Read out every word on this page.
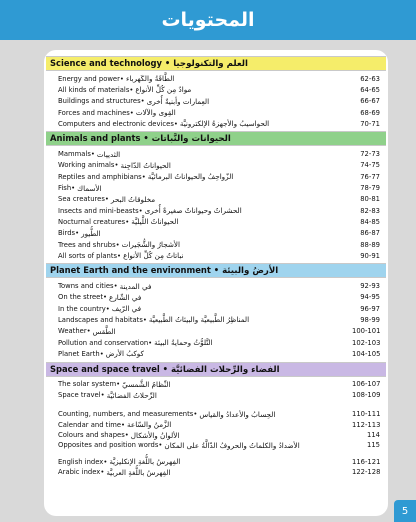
المحتويات
Science and technology • العلم والتكنولوجيا
Energy and power • الطَّاقَةُ والكَهرباء	62-63
All kinds of materials • موادٌ مِن كُلِّ الأنواع	64-65
Buildings and structures • العِمارات وأبنيةٌ أُخرى	66-67
Forces and machines • القِوى والآلات	68-69
Computers and electronic devices • الحواسيبُ والأجهزةُ الإلكترونيَّة	70-71
Animals and plants • الحيوانات والنَّباتات
Mammals • الثدييات	72-73
Working animals • الحيواناتُ الدّاجِنة	74-75
Reptiles and amphibians • الزّواحِفُ والحيواناتُ البرمائيَّة	76-77
Fish • الأسماك	78-79
Sea creatures • مخلوقاتُ البحر	80-81
Insects and mini-beasts • الحشراتُ وحيواناتٌ صغيرةٌ أُخرى	82-83
Nocturnal creatures • الحيواناتُ اللَّيليَّة	84-85
Birds • الطُّيور	86-87
Trees and shrubs • الأشجارُ والشُّجَيرات	88-89
All sorts of plants • نباتاتٌ مِن كُلِّ الأنواع	90-91
Planet Earth and the environment • الأرضُ والبيئة
Towns and cities • في المدينة	92-93
On the street • في الشّارع	94-95
In the country • في الرّيف	96-97
Landscapes and habitats • المناظِرُ الطَّبيعيَّة والبيئاتُ الطَّبيعيَّة	98-99
Weather • الطَّقس	100-101
Pollution and conservation • التَّلوُّثُ وحمايةُ البيئة	102-103
Planet Earth • كوكبُ الأرض	104-105
Space and space travel • الفضاء والرِّحلات الفضائيَّة
The solar system • النِّظامُ الشَّمسيّ	106-107
Space travel • الرِّحلاتُ الفضائيَّة	108-109
Counting, numbers, and measurements • الحِسابُ والأعدادُ والقياس	110-111
Calendar and time • الزَّمنُ والسّاعة	112-113
Colours and shapes • الألوانُ والأشكال	114
Opposites and position words • الأضدادُ والكلماتُ والحروفُ الدّالَّةُ على المكان	115
English index • الفِهرسُ باللُّغةِ الإنكليزيَّة	116-121
Arabic index • الفِهرسُ باللُّغةِ العربيَّة	122-128
5
